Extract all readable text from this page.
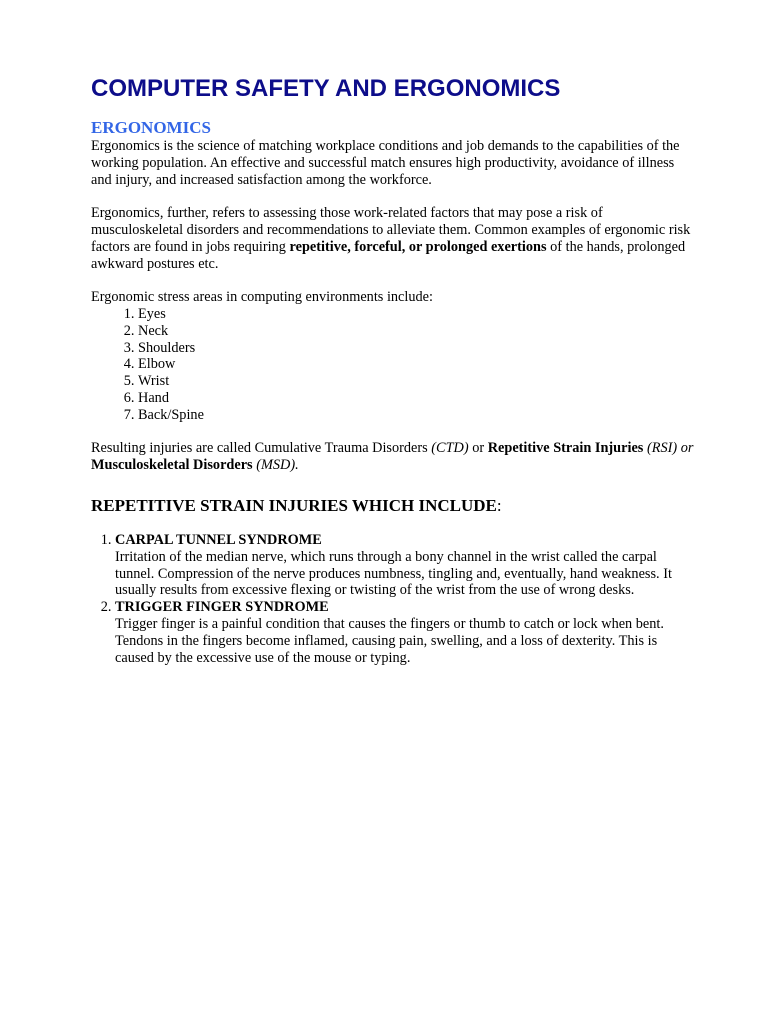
COMPUTER SAFETY AND ERGONOMICS
ERGONOMICS

Ergonomics is the science of matching workplace conditions and job demands to the capabilities of the working population. An effective and successful match ensures high productivity, avoidance of illness and injury, and increased satisfaction among the workforce.

Ergonomics, further, refers to assessing those work-related factors that may pose a risk of musculoskeletal disorders and recommendations to alleviate them. Common examples of ergonomic risk factors are found in jobs requiring repetitive, forceful, or prolonged exertions of the hands, prolonged awkward postures etc.

Ergonomic stress areas in computing environments include:

1. Eyes
2. Neck
3. Shoulders
4. Elbow
5. Wrist
6. Hand
7. Back/Spine

Resulting injuries are called Cumulative Trauma Disorders (CTD) or Repetitive Strain Injuries (RSI) or Musculoskeletal Disorders (MSD).

REPETITIVE STRAIN INJURIES WHICH INCLUDE:
1. CARPAL TUNNEL SYNDROME
Irritation of the median nerve, which runs through a bony channel in the wrist called the carpal tunnel. Compression of the nerve produces numbness, tingling and, eventually, hand weakness. It usually results from excessive flexing or twisting of the wrist from the use of wrong desks.
2. TRIGGER FINGER SYNDROME
Trigger finger is a painful condition that causes the fingers or thumb to catch or lock when bent. Tendons in the fingers become inflamed, causing pain, swelling, and a loss of dexterity. This is caused by the excessive use of the mouse or typing.
